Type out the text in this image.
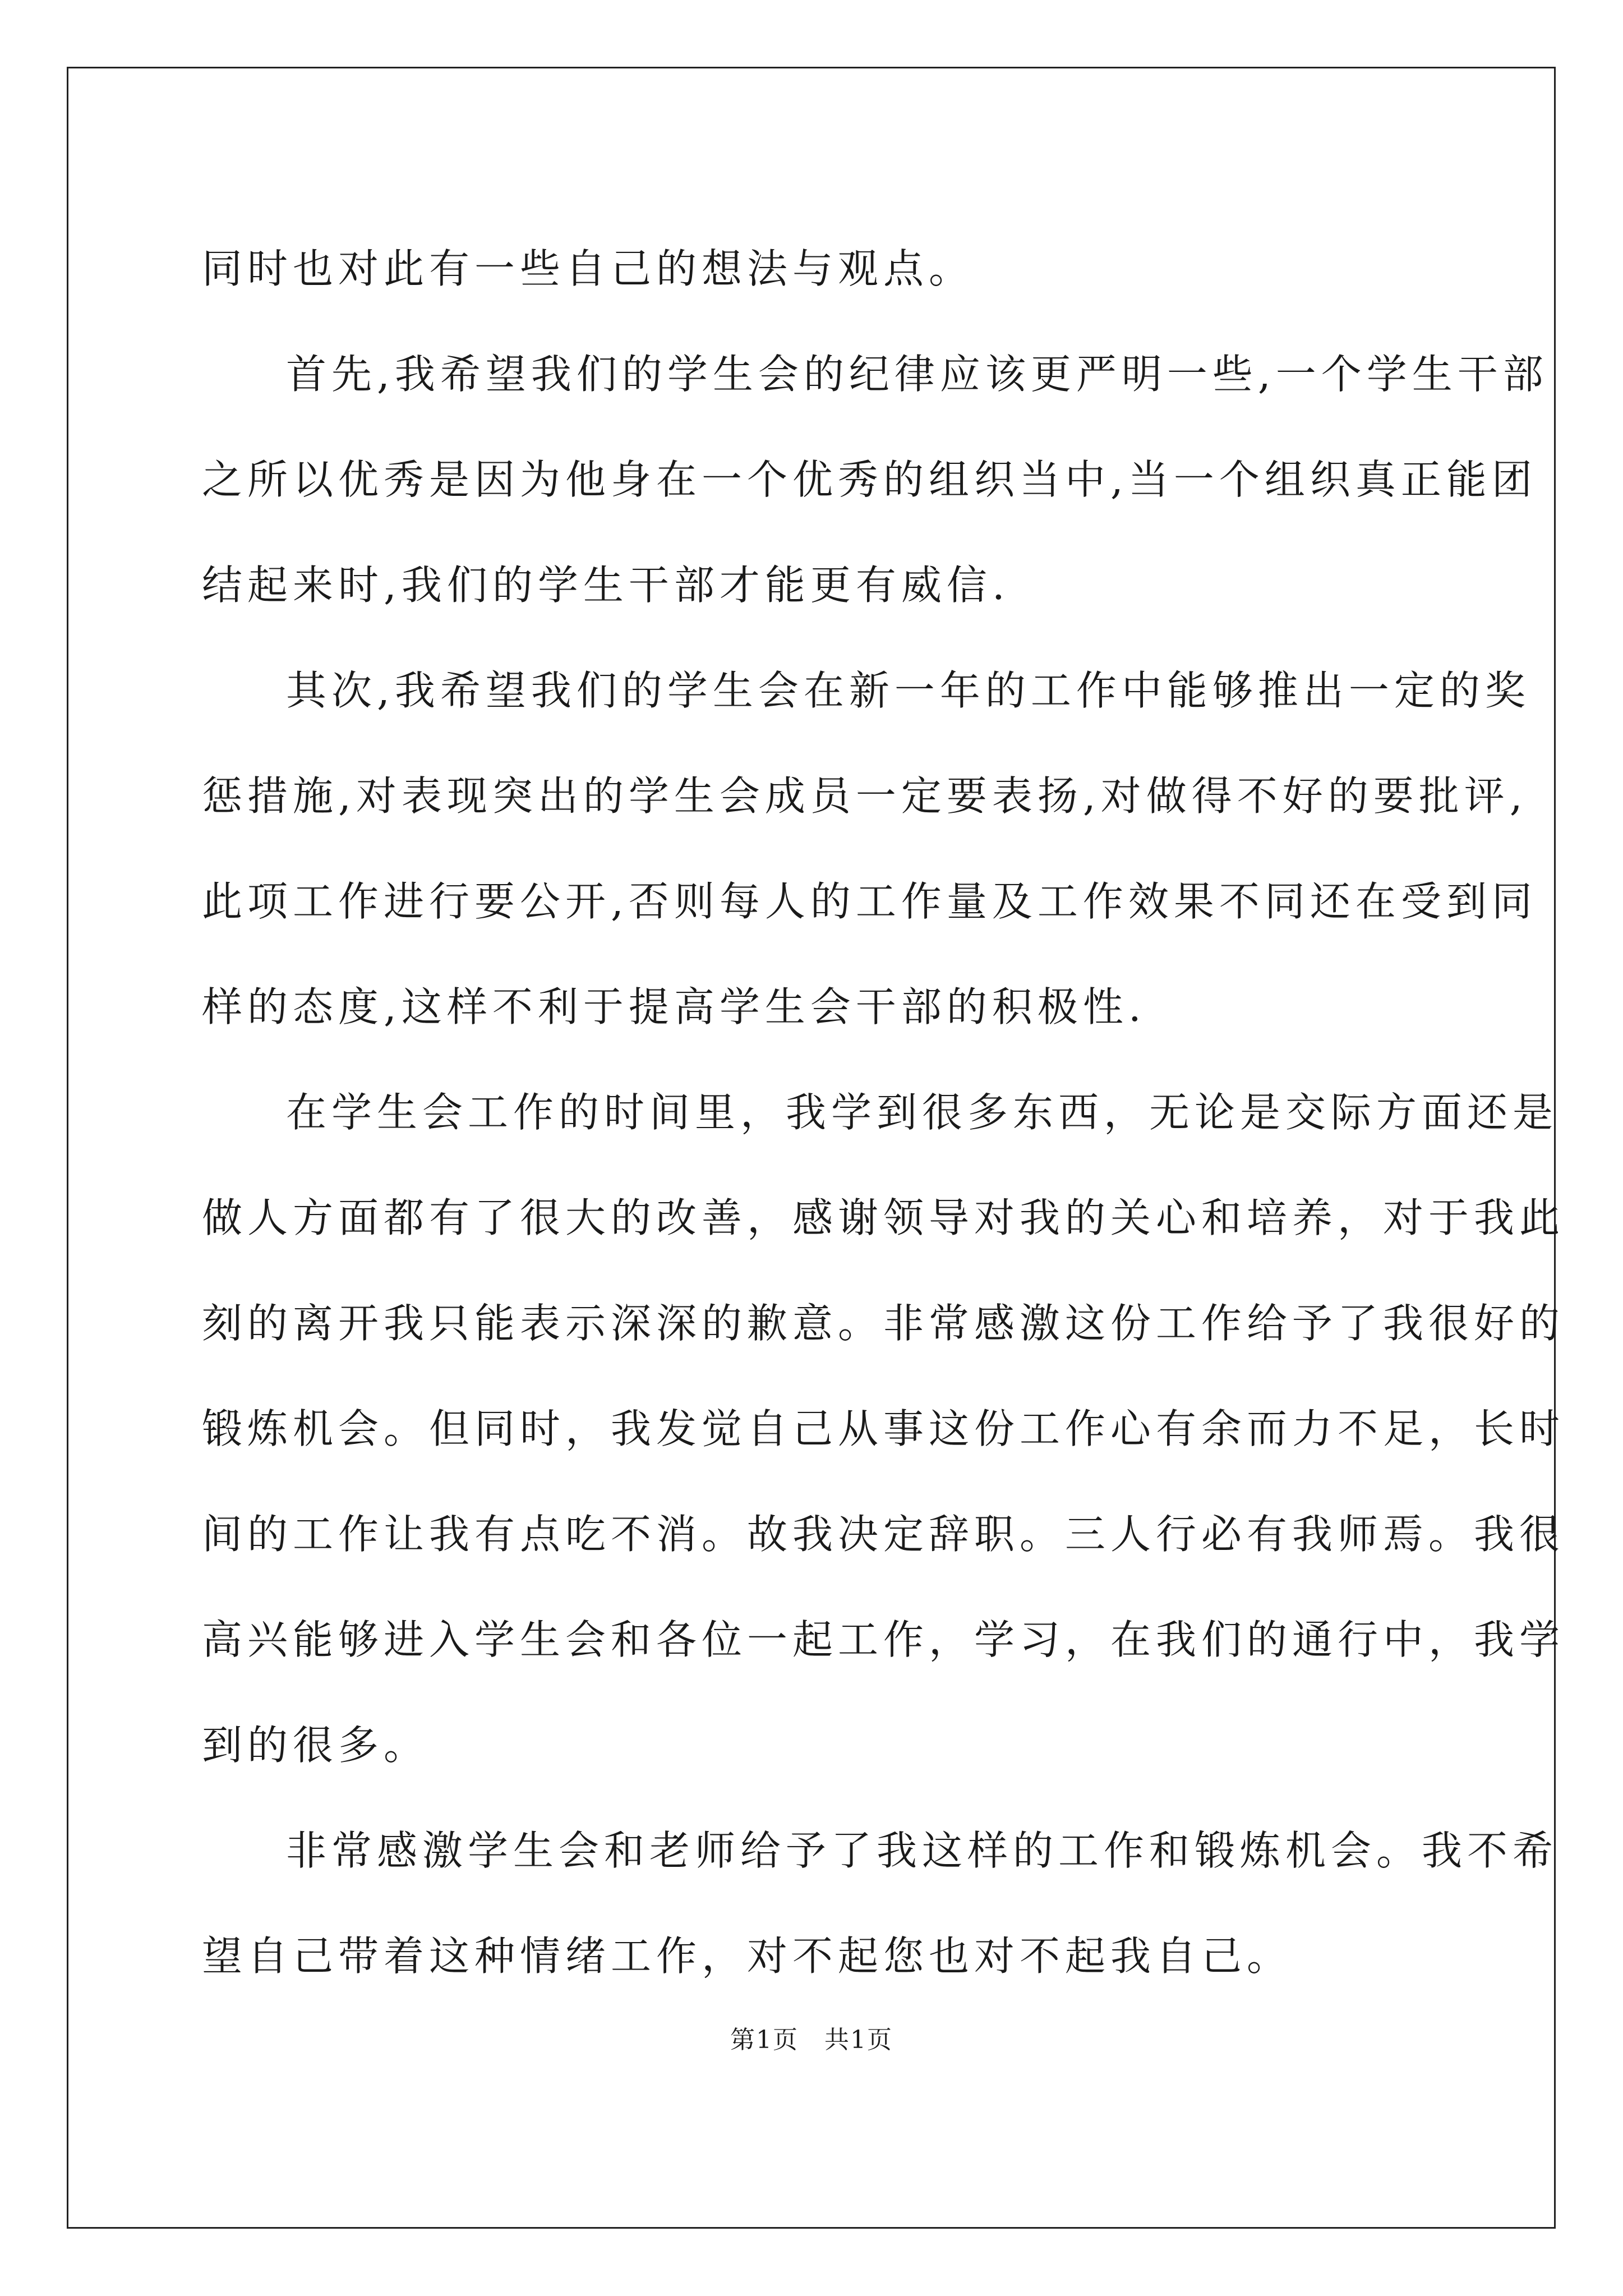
同时也对此有一些自己的想法与观点。
首先,我希望我们的学生会的纪律应该更严明一些,一个学生干部
之所以优秀是因为他身在一个优秀的组织当中,当一个组织真正能团
结起来时,我们的学生干部才能更有威信.
其次,我希望我们的学生会在新一年的工作中能够推出一定的奖
惩措施,对表现突出的学生会成员一定要表扬,对做得不好的要批评,
此项工作进行要公开,否则每人的工作量及工作效果不同还在受到同
样的态度,这样不利于提高学生会干部的积极性.
在学生会工作的时间里，我学到很多东西，无论是交际方面还是
做人方面都有了很大的改善，感谢领导对我的关心和培养，对于我此
刻的离开我只能表示深深的歉意。非常感激这份工作给予了我很好的
锻炼机会。但同时，我发觉自己从事这份工作心有余而力不足，长时
间的工作让我有点吃不消。故我决定辞职。三人行必有我师焉。我很
高兴能够进入学生会和各位一起工作，学习，在我们的通行中，我学
到的很多。
非常感激学生会和老师给予了我这样的工作和锻炼机会。我不希
望自己带着这种情绪工作，对不起您也对不起我自己。
第1页　共1页
